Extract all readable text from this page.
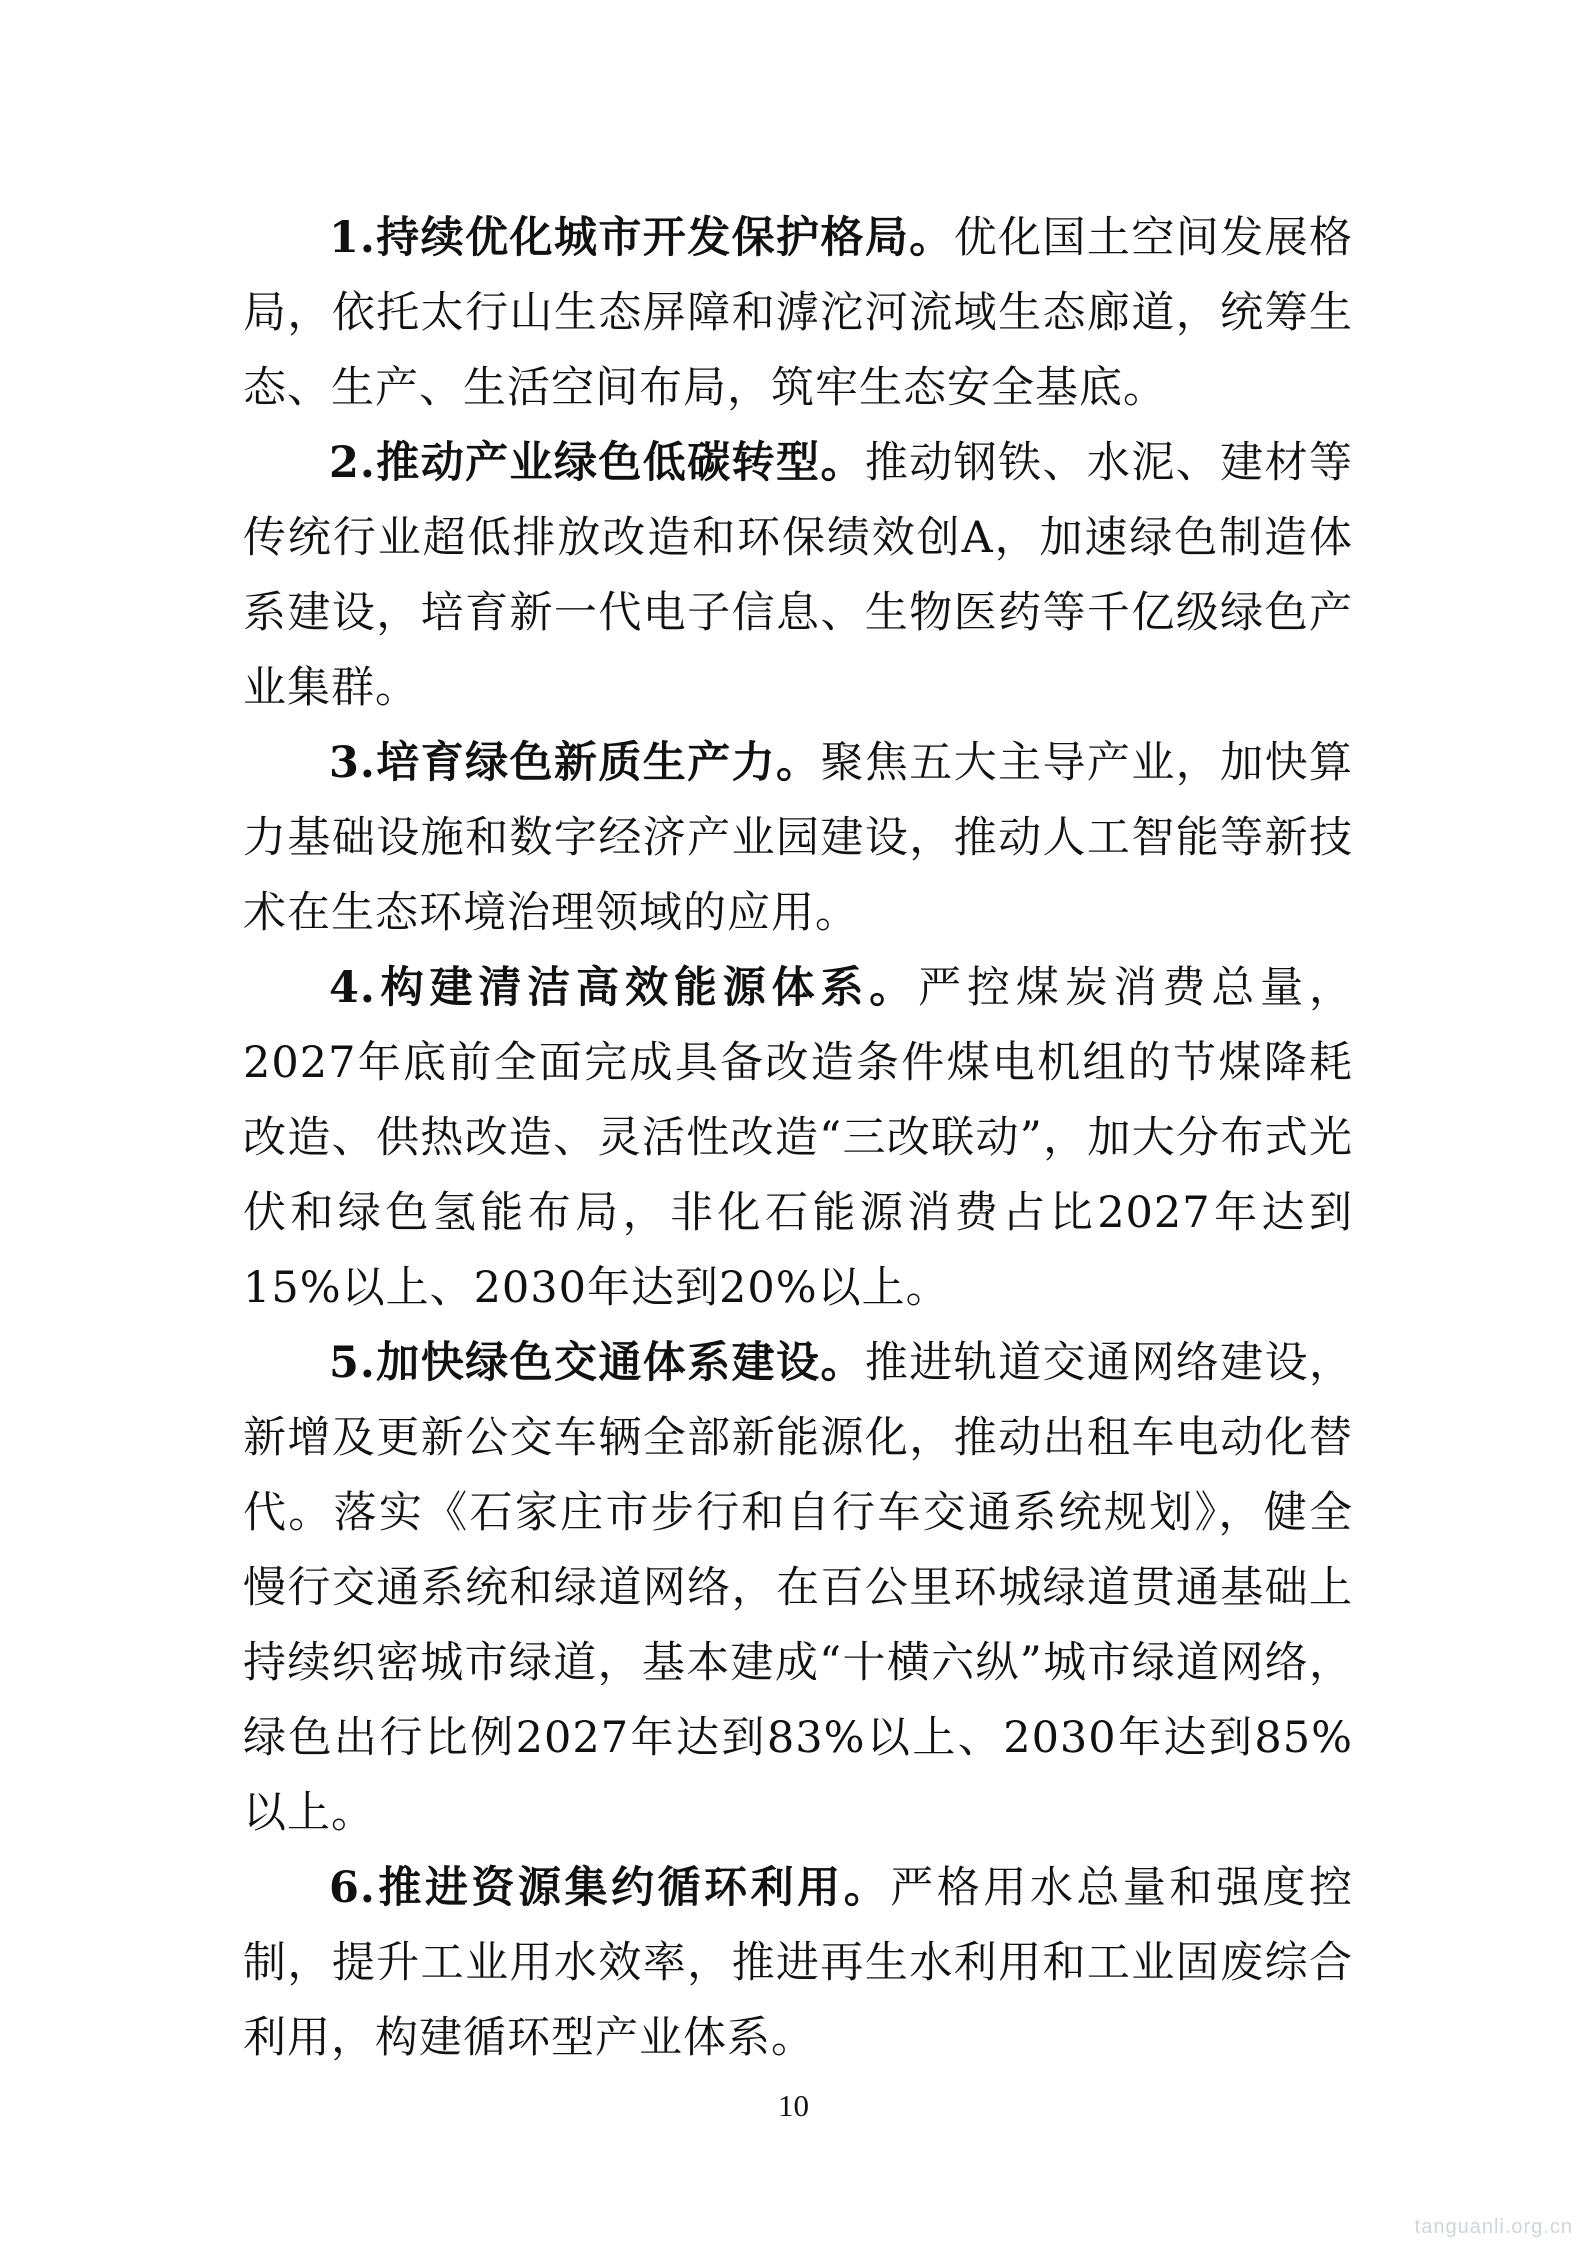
1.持续优化城市开发保护格局。优化国土空间发展格局，依托太行山生态屏障和滹沱河流域生态廊道，统筹生态、生产、生活空间布局，筑牢生态安全基底。

2.推动产业绿色低碳转型。推动钢铁、水泥、建材等传统行业超低排放改造和环保绩效创A，加速绿色制造体系建设，培育新一代电子信息、生物医药等千亿级绿色产业集群。

3.培育绿色新质生产力。聚焦五大主导产业，加快算力基础设施和数字经济产业园建设，推动人工智能等新技术在生态环境治理领域的应用。

4.构建清洁高效能源体系。严控煤炭消费总量，2027年底前全面完成具备改造条件煤电机组的节煤降耗改造、供热改造、灵活性改造“三改联动”，加大分布式光伏和绿色氢能布局，非化石能源消费占比2027年达到15%以上、2030年达到20%以上。

5.加快绿色交通体系建设。推进轨道交通网络建设，新增及更新公交车辆全部新能源化，推动出租车电动化替代。落实《石家庄市步行和自行车交通系统规划》，健全慢行交通系统和绿道网络，在百公里环城绿道贯通基础上持续织密城市绿道，基本建成“十横六纵”城市绿道网络，绿色出行比例2027年达到83%以上、2030年达到85%以上。

6.推进资源集约循环利用。严格用水总量和强度控制，提升工业用水效率，推进再生水利用和工业固废综合利用，构建循环型产业体系。

10
tanguanli.org.cn
